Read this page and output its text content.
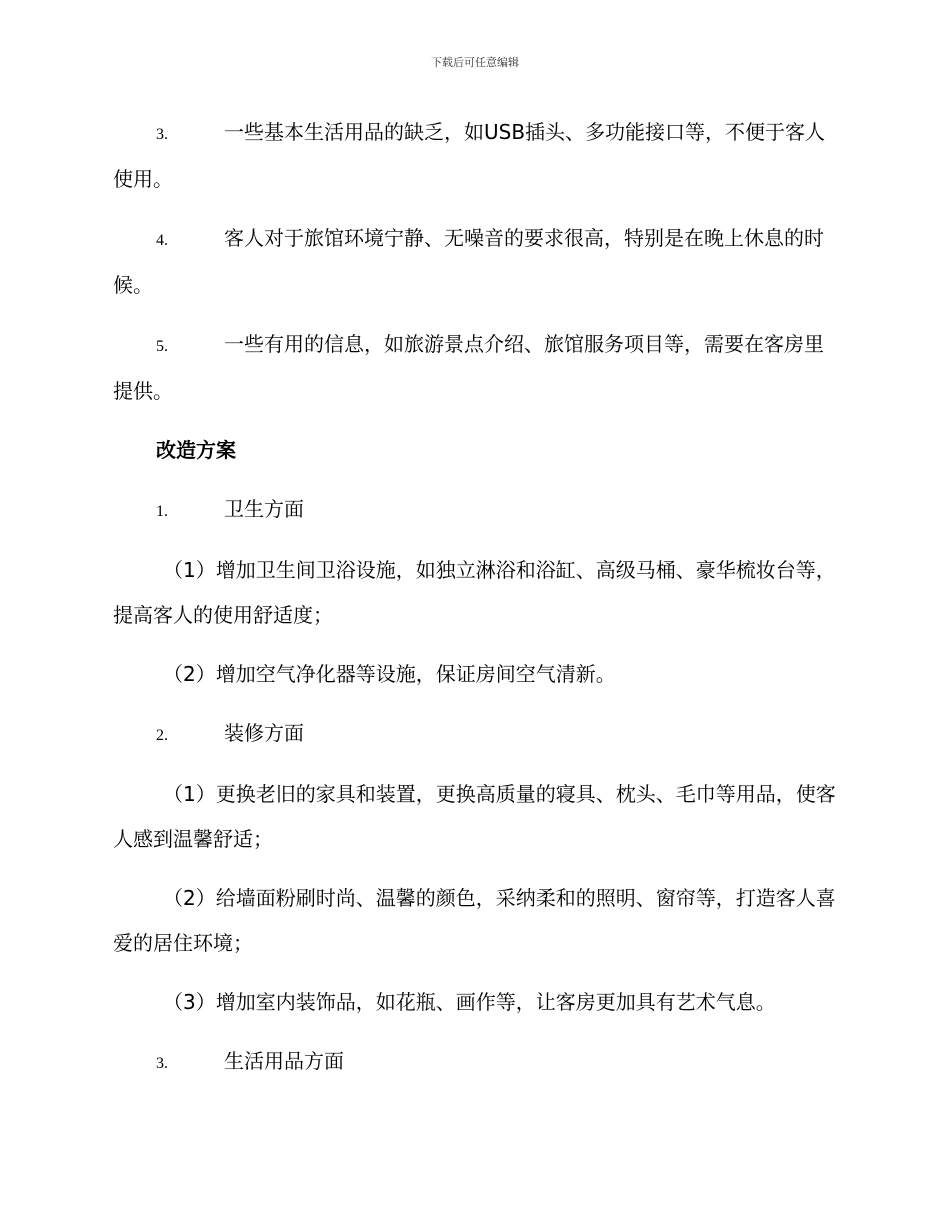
下载后可任意编辑

3.	一些基本生活用品的缺乏，如USB插头、多功能接口等，不便于客人使用。

4.	客人对于旅馆环境宁静、无噪音的要求很高，特别是在晚上休息的时候。

5.	一些有用的信息，如旅游景点介绍、旅馆服务项目等，需要在客房里提供。

改造方案
1.	卫生方面

（1）增加卫生间卫浴设施，如独立淋浴和浴缸、高级马桶、豪华梳妆台等，提高客人的使用舒适度；

（2）增加空气净化器等设施，保证房间空气清新。

2.	装修方面

（1）更换老旧的家具和装置，更换高质量的寝具、枕头、毛巾等用品，使客人感到温馨舒适；

（2）给墙面粉刷时尚、温馨的颜色，采纳柔和的照明、窗帘等，打造客人喜爱的居住环境；

（3）增加室内装饰品，如花瓶、画作等，让客房更加具有艺术气息。

3.	生活用品方面
